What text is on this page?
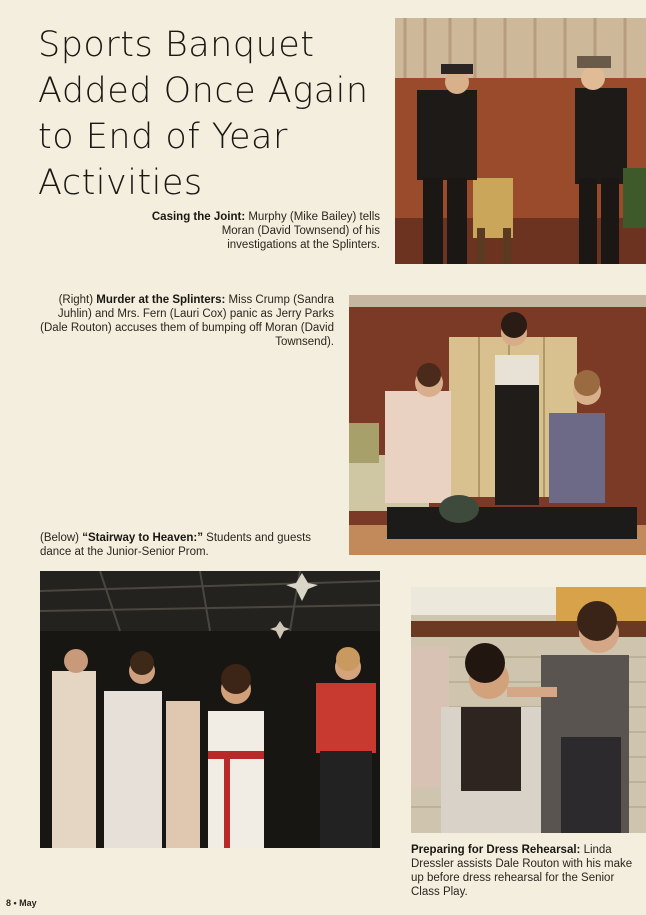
Sports Banquet
Added Once Again
to End of Year
Activities
Casing the Joint: Murphy (Mike Bailey) tells Moran (David Townsend) of his investigations at the Splinters.
(Right) Murder at the Splinters: Miss Crump (Sandra Juhlin) and Mrs. Fern (Lauri Cox) panic as Jerry Parks (Dale Routon) accuses them of bumping off Moran (David Townsend).
(Below) “Stairway to Heaven:” Students and guests dance at the Junior-Senior Prom.
Preparing for Dress Rehearsal: Linda Dressler assists Dale Routon with his make up before dress rehearsal for the Senior Class Play.
8 • May
